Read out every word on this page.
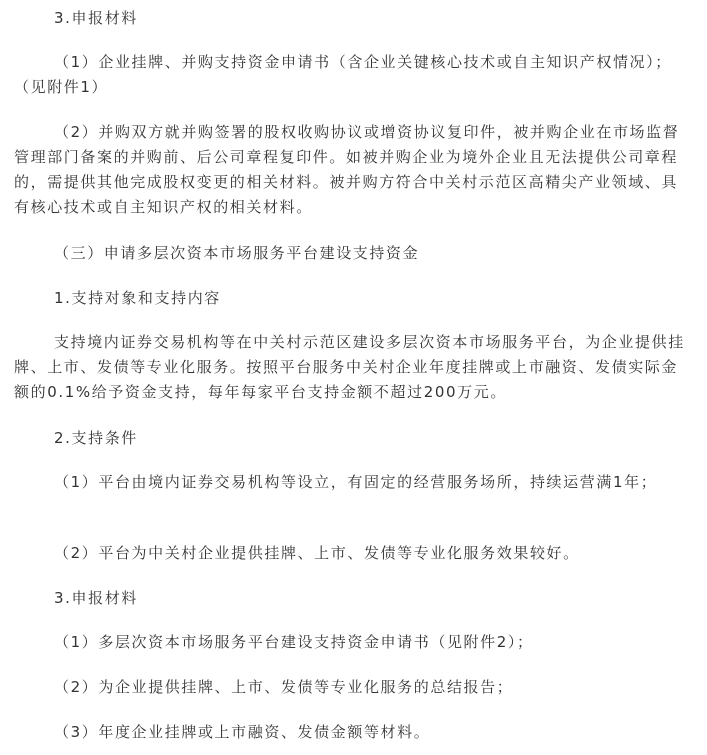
3.申报材料

（1）企业挂牌、并购支持资金申请书（含企业关键核心技术或自主知识产权情况）；（见附件1）

（2）并购双方就并购签署的股权收购协议或增资协议复印件，被并购企业在市场监督管理部门备案的并购前、后公司章程复印件。如被并购企业为境外企业且无法提供公司章程的，需提供其他完成股权变更的相关材料。被并购方符合中关村示范区高精尖产业领域、具有核心技术或自主知识产权的相关材料。

（三）申请多层次资本市场服务平台建设支持资金

1.支持对象和支持内容

支持境内证券交易机构等在中关村示范区建设多层次资本市场服务平台，为企业提供挂牌、上市、发债等专业化服务。按照平台服务中关村企业年度挂牌或上市融资、发债实际金额的0.1%给予资金支持，每年每家平台支持金额不超过200万元。

2.支持条件

（1）平台由境内证券交易机构等设立，有固定的经营服务场所，持续运营满1年；

（2）平台为中关村企业提供挂牌、上市、发债等专业化服务效果较好。

3.申报材料

（1）多层次资本市场服务平台建设支持资金申请书（见附件2）；

（2）为企业提供挂牌、上市、发债等专业化服务的总结报告；

（3）年度企业挂牌或上市融资、发债金额等材料。
